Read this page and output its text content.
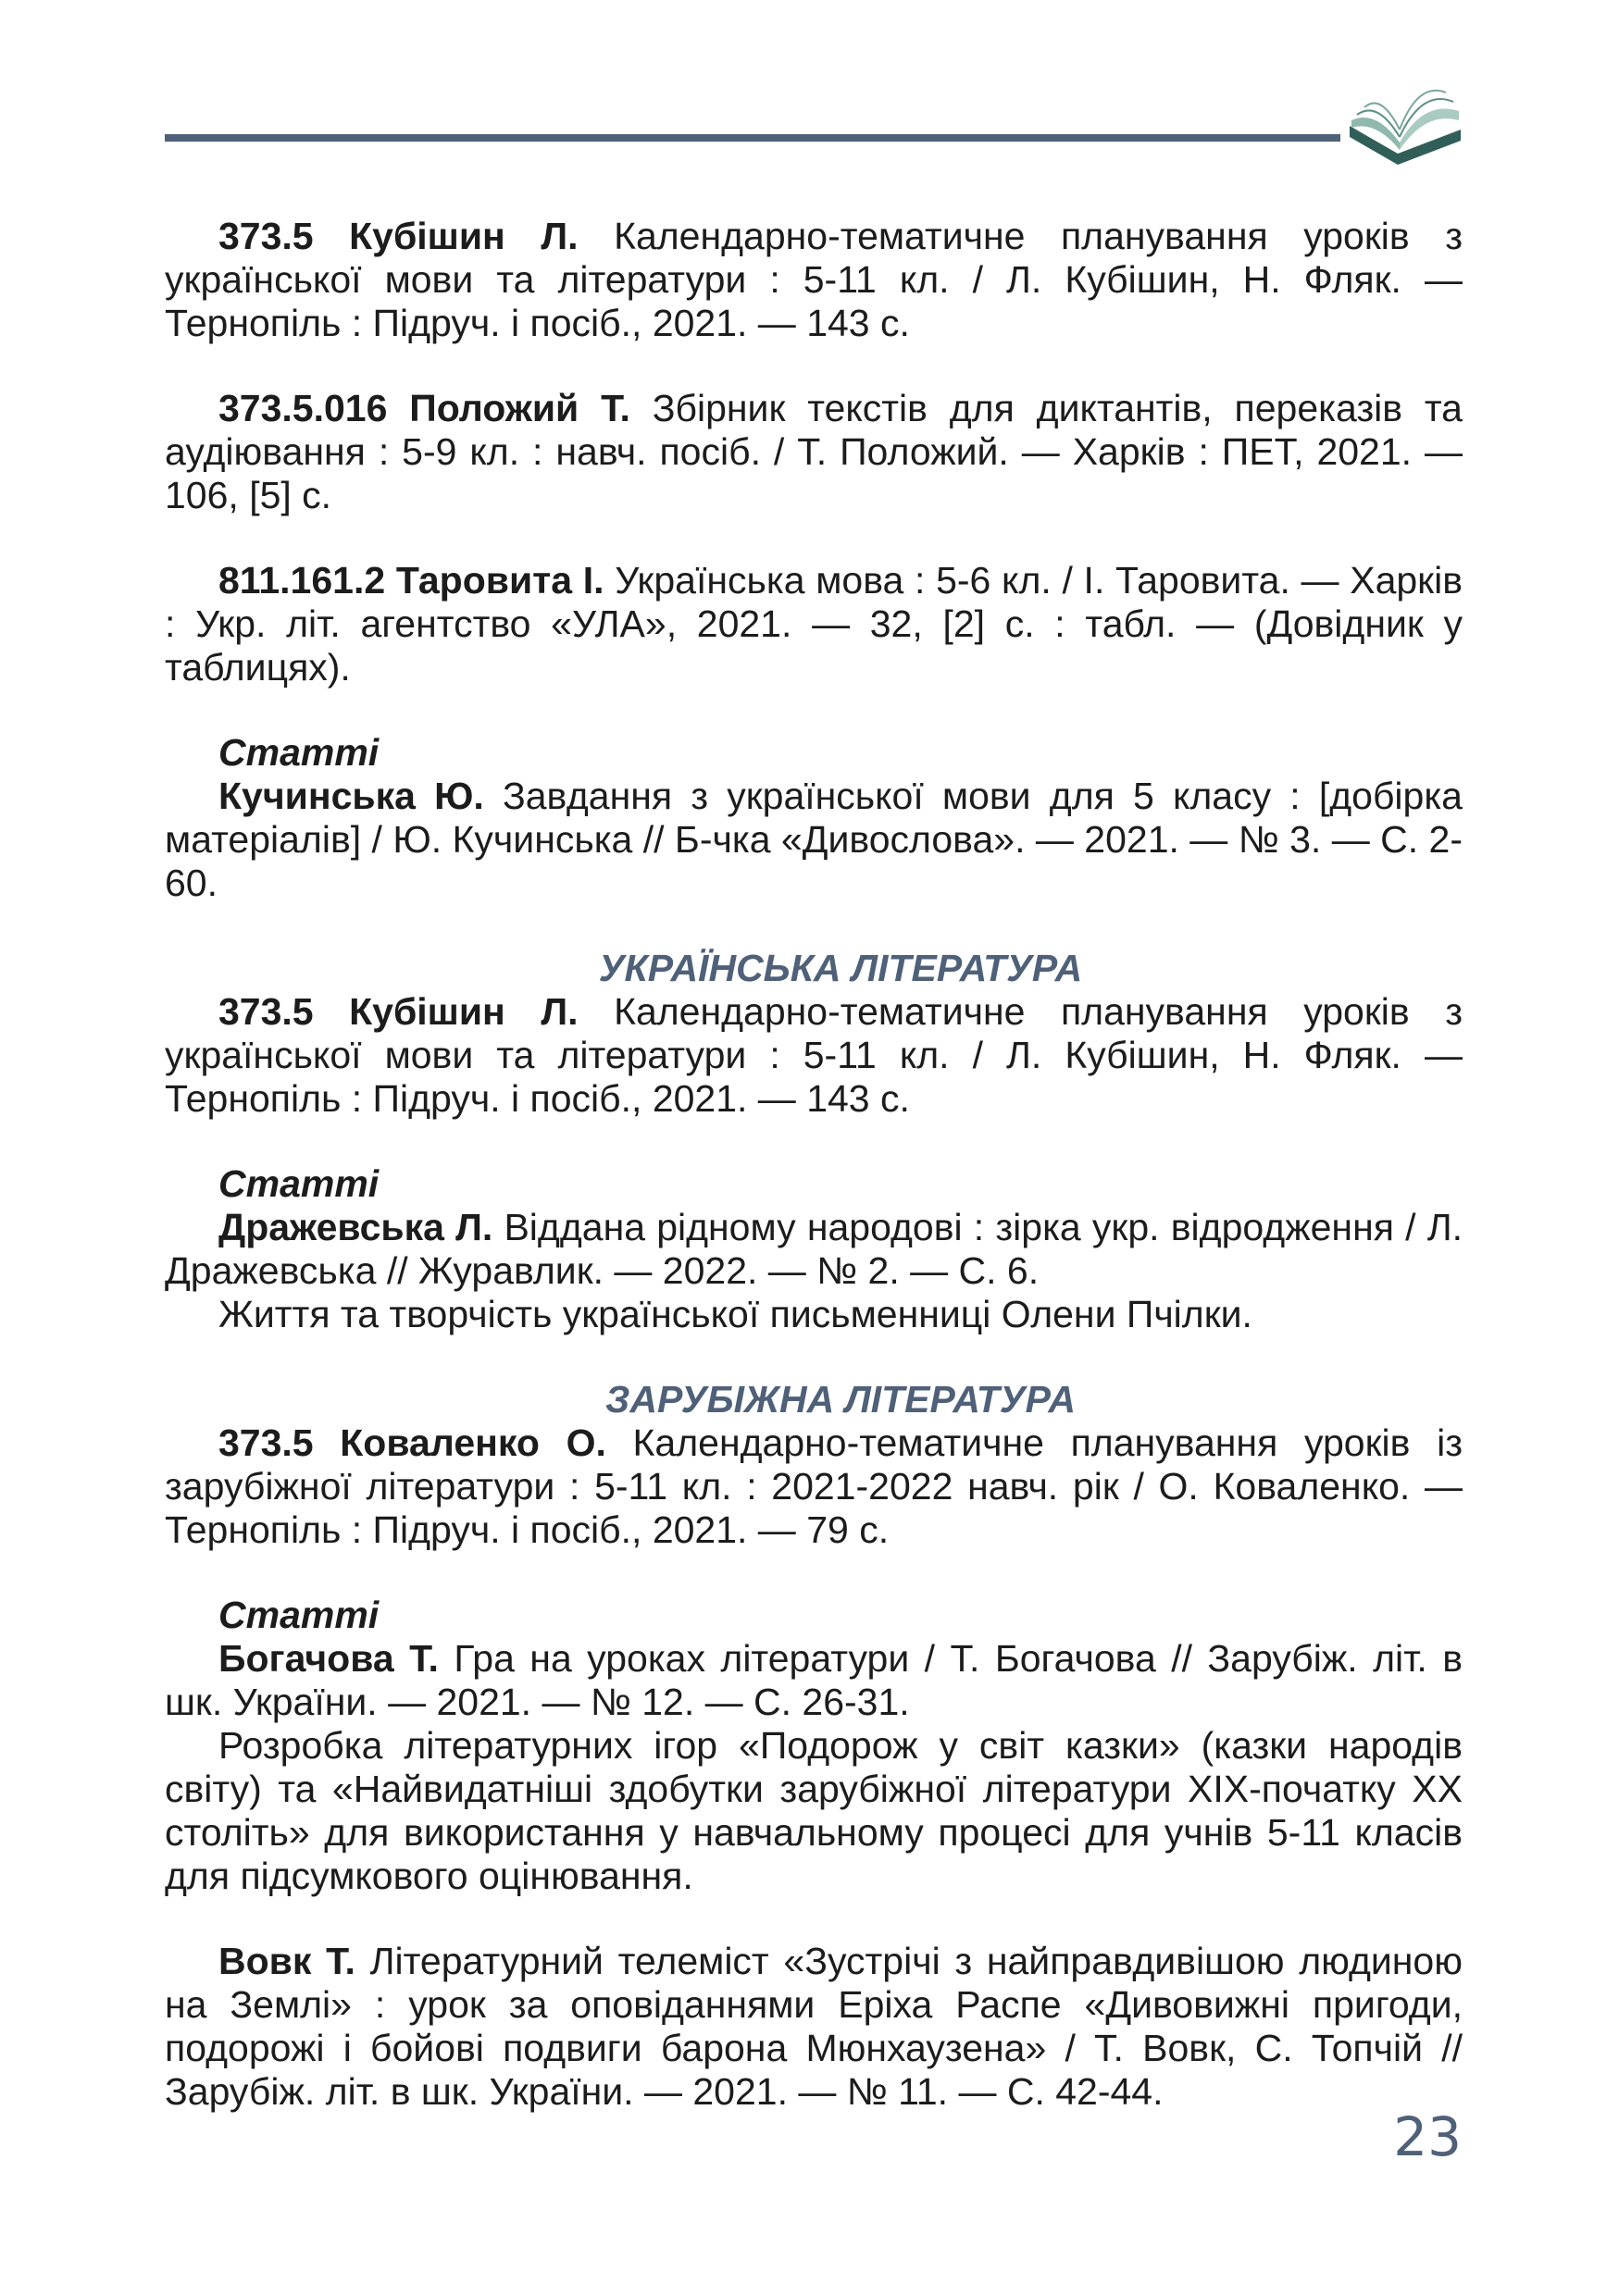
373.5 Кубішин Л. Календарно-тематичне планування уроків з української мови та літератури : 5-11 кл. / Л. Кубішин, Н. Фляк. — Тернопіль : Підруч. і посіб., 2021. — 143 с.

373.5.016 Положий Т. Збірник текстів для диктантів, переказів та аудіювання : 5-9 кл. : навч. посіб. / Т. Положий. — Харків : ПЕТ, 2021. — 106, [5] с.

811.161.2 Таровита І. Українська мова : 5-6 кл. / І. Таровита. — Харків : Укр. літ. агентство «УЛА», 2021. — 32, [2] с. : табл. — (Довідник у таблицях).

Статті

Кучинська Ю. Завдання з української мови для 5 класу : [добірка матеріалів] / Ю. Кучинська // Б-чка «Дивослова». — 2021. — № 3. — С. 2-60.

УКРАЇНСЬКА ЛІТЕРАТУРА

373.5 Кубішин Л. Календарно-тематичне планування уроків з української мови та літератури : 5-11 кл. / Л. Кубішин, Н. Фляк. — Тернопіль : Підруч. і посіб., 2021. — 143 с.

Статті

Дражевська Л. Віддана рідному народові : зірка укр. відродження / Л. Дражевська // Журавлик. — 2022. — № 2. — С. 6.

Життя та творчість української письменниці Олени Пчілки.

ЗАРУБІЖНА ЛІТЕРАТУРА

373.5 Коваленко О. Календарно-тематичне планування уроків із зарубіжної літератури : 5-11 кл. : 2021-2022 навч. рік / О. Коваленко. — Тернопіль : Підруч. і посіб., 2021. — 79 с.

Статті

Богачова Т. Гра на уроках літератури / Т. Богачова // Зарубіж. літ. в шк. України. — 2021. — № 12. — С. 26-31.

Розробка літературних ігор «Подорож у світ казки» (казки народів світу) та «Найвидатніші здобутки зарубіжної літератури ХІХ-початку ХХ століть» для використання у навчальному процесі для учнів 5-11 класів для підсумкового оцінювання.

Вовк Т. Літературний телеміст «Зустрічі з найправдивішою людиною на Землі» : урок за оповіданнями Еріха Распе «Дивовижні пригоди, подорожі і бойові подвиги барона Мюнхаузена» / Т. Вовк, С. Топчій // Зарубіж. літ. в шк. України. — 2021. — № 11. — С. 42-44.

23
